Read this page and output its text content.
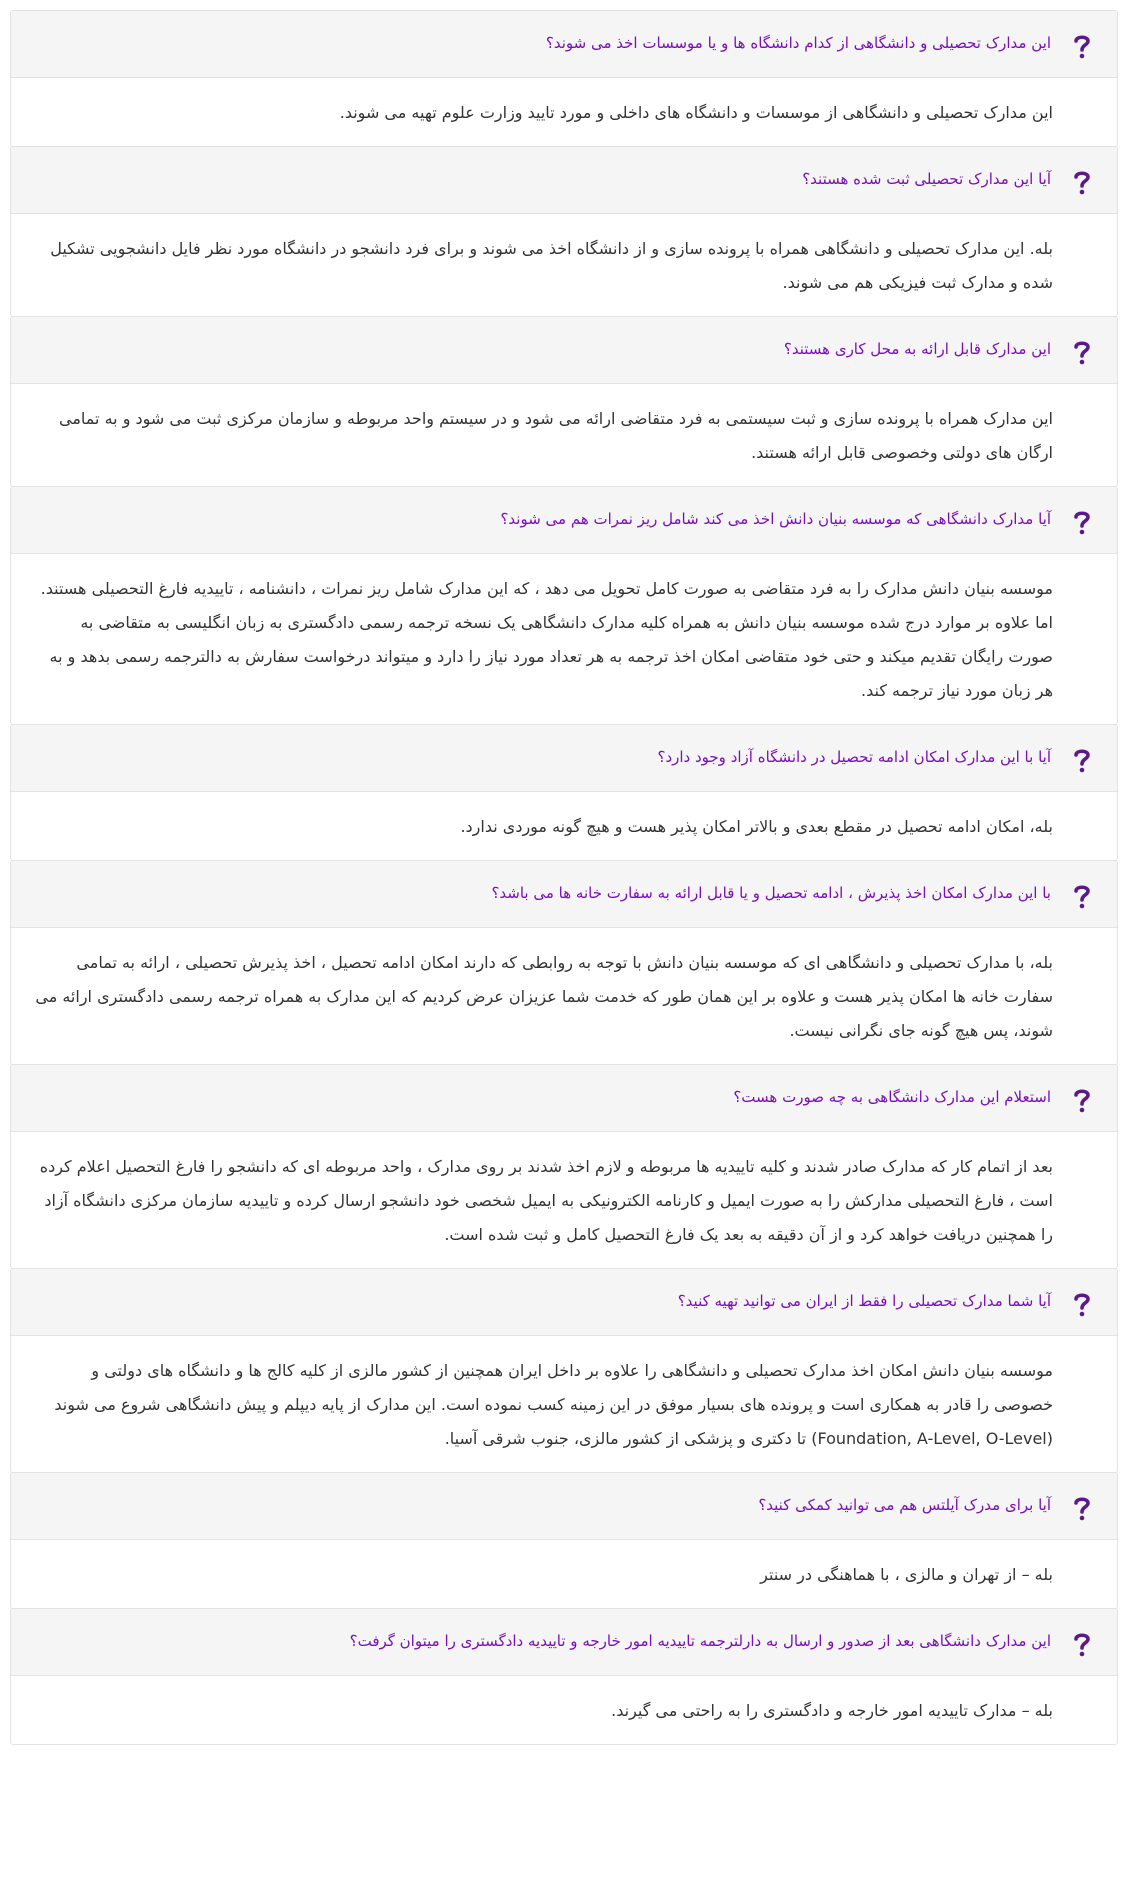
این مدارک تحصیلی و دانشگاهی از کدام دانشگاه ها و یا موسسات اخذ می شوند؟
این مدارک تحصیلی و دانشگاهی از موسسات و دانشگاه های داخلی و مورد تایید وزارت علوم تهیه می شوند.
آیا این مدارک تحصیلی ثبت شده هستند؟
بله. این مدارک تحصیلی و دانشگاهی همراه با پرونده سازی و از دانشگاه اخذ می شوند و برای فرد دانشجو در دانشگاه مورد نظر فایل دانشجویی تشکیل شده و مدارک ثبت فیزیکی هم می شوند.
این مدارک قابل ارائه به محل کاری هستند؟
این مدارک همراه با پرونده سازی و ثبت سیستمی به فرد متقاضی ارائه می شود و در سیستم واحد مربوطه و سازمان مرکزی ثبت می شود و به تمامی ارگان های دولتی وخصوصی قابل ارائه هستند.
آیا مدارک دانشگاهی که موسسه بنیان دانش اخذ می کند شامل ریز نمرات هم می شوند؟
موسسه بنیان دانش مدارک را به فرد متقاضی به صورت کامل تحویل می دهد ، که این مدارک شامل ریز نمرات ، دانشنامه ، تاییدیه فارغ التحصیلی هستند.
اما علاوه بر موارد درج شده موسسه بنیان دانش به همراه کلیه مدارک دانشگاهی یک نسخه ترجمه رسمی دادگستری به زبان انگلیسی به متقاضی به صورت رایگان تقدیم میکند و حتی خود متقاضی امکان اخذ ترجمه به هر تعداد مورد نیاز را دارد و میتواند درخواست سفارش به دالترجمه رسمی بدهد و به هر زبان مورد نیاز ترجمه کند.
آیا با این مدارک امکان ادامه تحصیل در دانشگاه آزاد وجود دارد؟
بله، امکان ادامه تحصیل در مقطع بعدی و بالاتر امکان پذیر هست و هیچ گونه موردی ندارد.
با این مدارک امکان اخذ پذیرش ، ادامه تحصیل و یا قابل ارائه به سفارت خانه ها می باشد؟
بله، با مدارک تحصیلی و دانشگاهی ای که موسسه بنیان دانش با توجه به روابطی که دارند امکان ادامه تحصیل ، اخذ پذیرش تحصیلی ، ارائه به تمامی سفارت خانه ها امکان پذیر هست و علاوه بر این همان طور که خدمت شما عزیزان عرض کردیم که این مدارک به همراه ترجمه رسمی دادگستری ارائه می شوند، پس هیچ گونه جای نگرانی نیست.
استعلام این مدارک دانشگاهی به چه صورت هست؟
بعد از اتمام کار که مدارک صادر شدند و کلیه تاییدیه ها مربوطه و لازم اخذ شدند بر روی مدارک ، واحد مربوطه ای که دانشجو را فارغ التحصیل اعلام کرده است ، فارغ التحصیلی مدارکش را به صورت ایمیل و کارنامه الکترونیکی به ایمیل شخصی خود دانشجو ارسال کرده و تاییدیه سازمان مرکزی دانشگاه آزاد را همچنین دریافت خواهد کرد و از آن دقیقه به بعد یک فارغ التحصیل کامل و ثبت شده است.
آیا شما مدارک تحصیلی را فقط از ایران می توانید تهیه کنید؟
موسسه بنیان دانش امکان اخذ مدارک تحصیلی و دانشگاهی را علاوه بر داخل ایران همچنین از کشور مالزی از کلیه کالج ها و دانشگاه های دولتی و خصوصی را قادر به همکاری است و پرونده های بسیار موفق در این زمینه کسب نموده است. این مدارک از پایه دیپلم و پیش دانشگاهی شروع می شوند (Foundation, A-Level, O-Level) تا دکتری و پزشکی از کشور مالزی، جنوب شرقی آسیا.
آیا برای مدرک آیلتس هم می توانید کمکی کنید؟
بله – از تهران و مالزی ، با هماهنگی در سنتر
این مدارک دانشگاهی بعد از صدور و ارسال به دارلترجمه تاییدیه امور خارجه و تاییدیه دادگستری را میتوان گرفت؟
بله – مدارک تاییدیه امور خارجه و دادگستری را به راحتی می گیرند.
